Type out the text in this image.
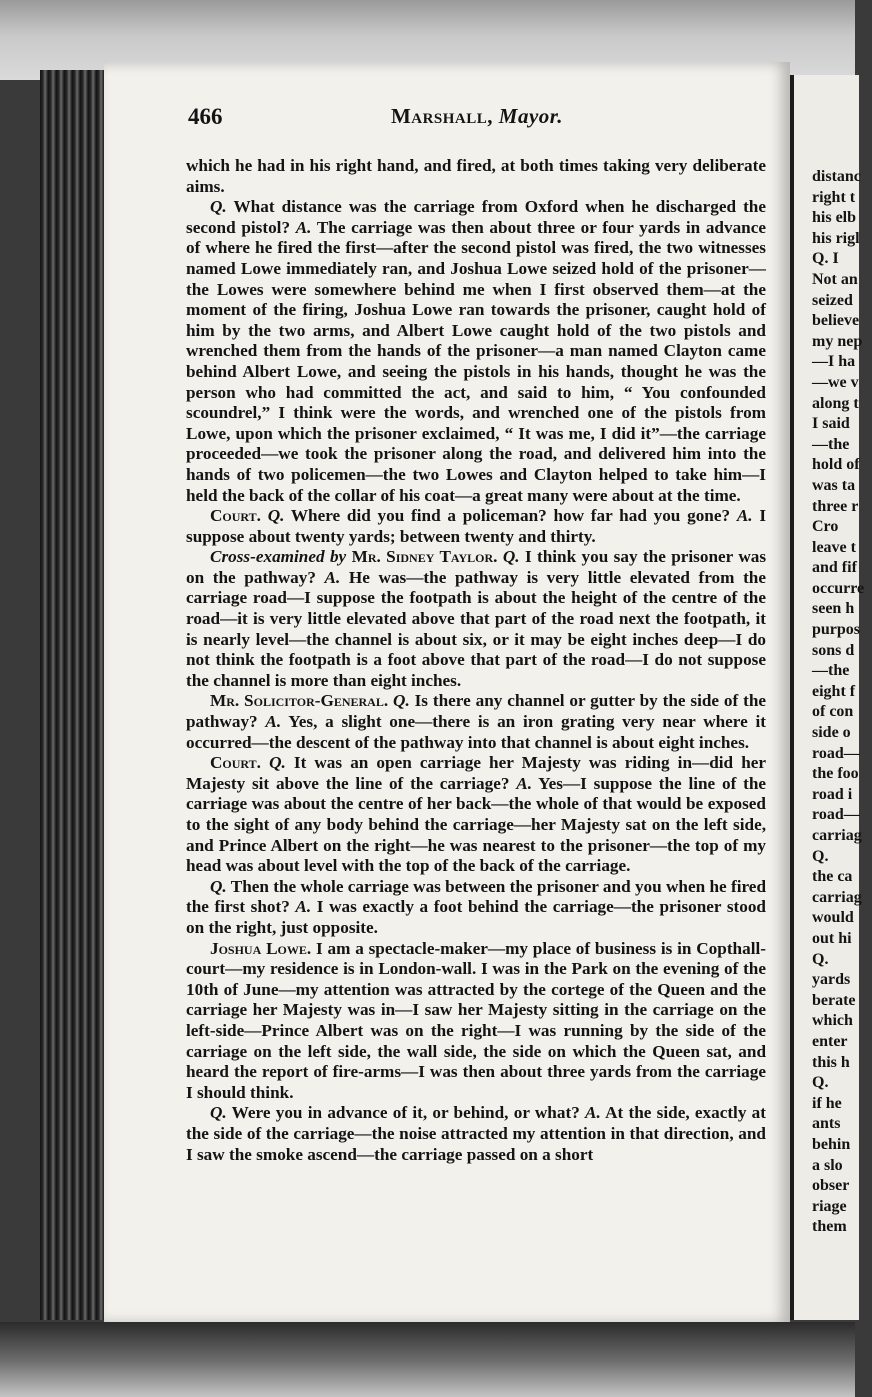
466	Marshall, Mayor.

which he had in his right hand, and fired, at both times taking very deliberate aims.

Q. What distance was the carriage from Oxford when he discharged the second pistol? A. The carriage was then about three or four yards in advance of where he fired the first—after the second pistol was fired, the two witnesses named Lowe immediately ran, and Joshua Lowe seized hold of the prisoner—the Lowes were somewhere behind me when I first observed them—at the moment of the firing, Joshua Lowe ran towards the prisoner, caught hold of him by the two arms, and Albert Lowe caught hold of the two pistols and wrenched them from the hands of the prisoner—a man named Clayton came behind Albert Lowe, and seeing the pistols in his hands, thought he was the person who had committed the act, and said to him, “ You confounded scoundrel,” I think were the words, and wrenched one of the pistols from Lowe, upon which the prisoner exclaimed, “ It was me, I did it”—the carriage proceeded—we took the prisoner along the road, and delivered him into the hands of two policemen—the two Lowes and Clayton helped to take him—I held the back of the collar of his coat—a great many were about at the time.

Court. Q. Where did you find a policeman? how far had you gone? A. I suppose about twenty yards; between twenty and thirty.

Cross-examined by Mr. Sidney Taylor. Q. I think you say the prisoner was on the pathway? A. He was—the pathway is very little elevated from the carriage road—I suppose the footpath is about the height of the centre of the road—it is very little elevated above that part of the road next the footpath, it is nearly level—the channel is about six, or it may be eight inches deep—I do not think the footpath is a foot above that part of the road—I do not suppose the channel is more than eight inches.

Mr. Solicitor-General. Q. Is there any channel or gutter by the side of the pathway? A. Yes, a slight one—there is an iron grating very near where it occurred—the descent of the pathway into that channel is about eight inches.

Court. Q. It was an open carriage her Majesty was riding in—did her Majesty sit above the line of the carriage? A. Yes—I suppose the line of the carriage was about the centre of her back—the whole of that would be exposed to the sight of any body behind the carriage—her Majesty sat on the left side, and Prince Albert on the right—he was nearest to the prisoner—the top of my head was about level with the top of the back of the carriage.

Q. Then the whole carriage was between the prisoner and you when he fired the first shot? A. I was exactly a foot behind the carriage—the prisoner stood on the right, just opposite.

Joshua Lowe. I am a spectacle-maker—my place of business is in Copthall-court—my residence is in London-wall. I was in the Park on the evening of the 10th of June—my attention was attracted by the cortege of the Queen and the carriage her Majesty was in—I saw her Majesty sitting in the carriage on the left-side—Prince Albert was on the right—I was running by the side of the carriage on the left side, the wall side, the side on which the Queen sat, and heard the report of fire-arms—I was then about three yards from the carriage I should think.

Q. Were you in advance of it, or behind, or what? A. At the side, exactly at the side of the carriage—the noise attracted my attention in that direction, and I saw the smoke ascend—the carriage passed on a short

distanc
right t
his elb
his rigl
Q. I
Not an
seized
believe
my nep
—I ha
—we v
along t
I said
—the
hold of
was ta
three r
Cro
leave t
and fif
occurre
seen h
purpos
sons d
—the
eight f
of con
side o
road—
the foo
road i
road—
carriag
Q.
the ca
carriag
would
out hi
Q.
yards
berate
which
enter
this h
Q.
if he
ants
behin
a slo
obser
riage
them
